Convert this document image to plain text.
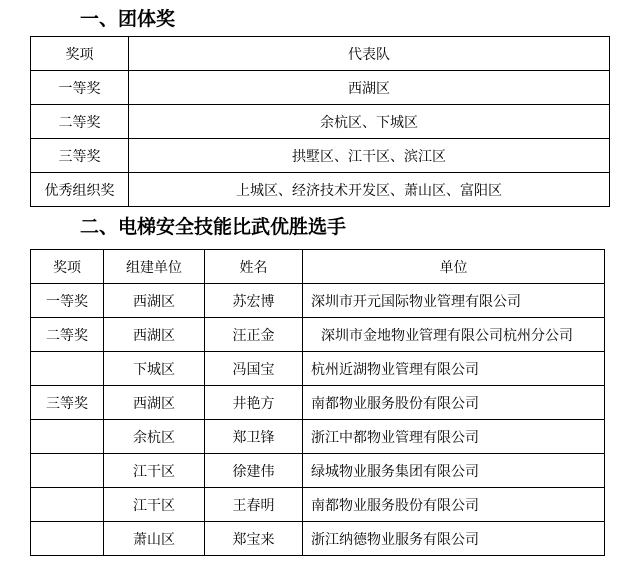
一、团体奖
奖项	代表队
一等奖	西湖区
二等奖	余杭区、下城区
三等奖	拱墅区、江干区、滨江区
优秀组织奖	上城区、经济技术开发区、萧山区、富阳区
二、电梯安全技能比武优胜选手
奖项	组建单位	姓名	单位
一等奖	西湖区	苏宏博	深圳市开元国际物业管理有限公司
二等奖	西湖区	汪正金	深圳市金地物业管理有限公司杭州分公司
	下城区	冯国宝	杭州近湖物业管理有限公司
三等奖	西湖区	井艳方	南都物业服务股份有限公司
	余杭区	郑卫锋	浙江中都物业管理有限公司
	江干区	徐建伟	绿城物业服务集团有限公司
	江干区	王春明	南都物业服务股份有限公司
	萧山区	郑宝来	浙江纳德物业服务有限公司
